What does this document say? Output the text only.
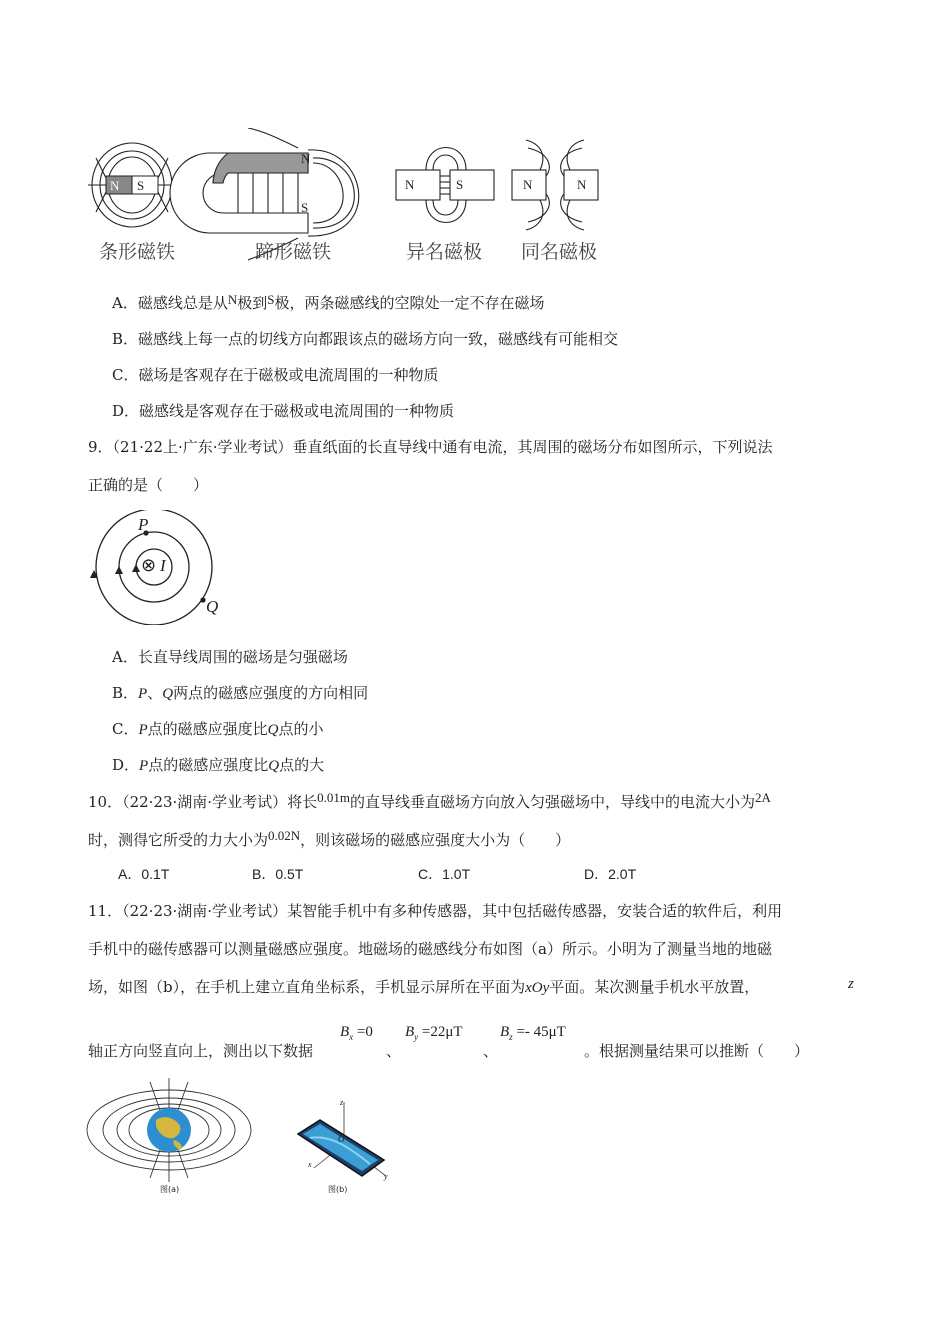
N S
N
S
N	S	N	N
条形磁铁	蹄形磁铁	异名磁极 同名磁极
A．磁感线总是从N极到S极，两条磁感线的空隙处一定不存在磁场
B．磁感线上每一点的切线方向都跟该点的磁场方向一致，磁感线有可能相交
C．磁场是客观存在于磁极或电流周围的一种物质
D．磁感线是客观存在于磁极或电流周围的一种物质
9．（21·22上·广东·学业考试）垂直纸面的长直导线中通有电流，其周围的磁场分布如图所示，下列说法
正确的是（　　）
P
Q
⊗ I
A．长直导线周围的磁场是匀强磁场
B．P、Q两点的磁感应强度的方向相同
C．P点的磁感应强度比Q点的小
D．P点的磁感应强度比Q点的大
10．（22·23·湖南·学业考试）将长0.01m的直导线垂直磁场方向放入匀强磁场中，导线中的电流大小为2A
时，测得它所受的力大小为0.02N，则该磁场的磁感应强度大小为（　　）
A．0.1T	B．0.5T	C．1.0T	D．2.0T
11．（22·23·湖南·学业考试）某智能手机中有多种传感器，其中包括磁传感器，安装合适的软件后，利用
手机中的磁传感器可以测量磁感应强度。地磁场的磁感线分布如图（a）所示。小明为了测量当地的地磁
场，如图（b），在手机上建立直角坐标系，手机显示屏所在平面为xOy平面。某次测量手机水平放置，	z
轴正方向竖直向上，测出以下数据
$B_x =0$
、
$B_y =22\mu T$
、
$B_z =- 45\mu T$
。根据测量结果可以推断（　　）
图(a)
z
x
y
O
图(b)
